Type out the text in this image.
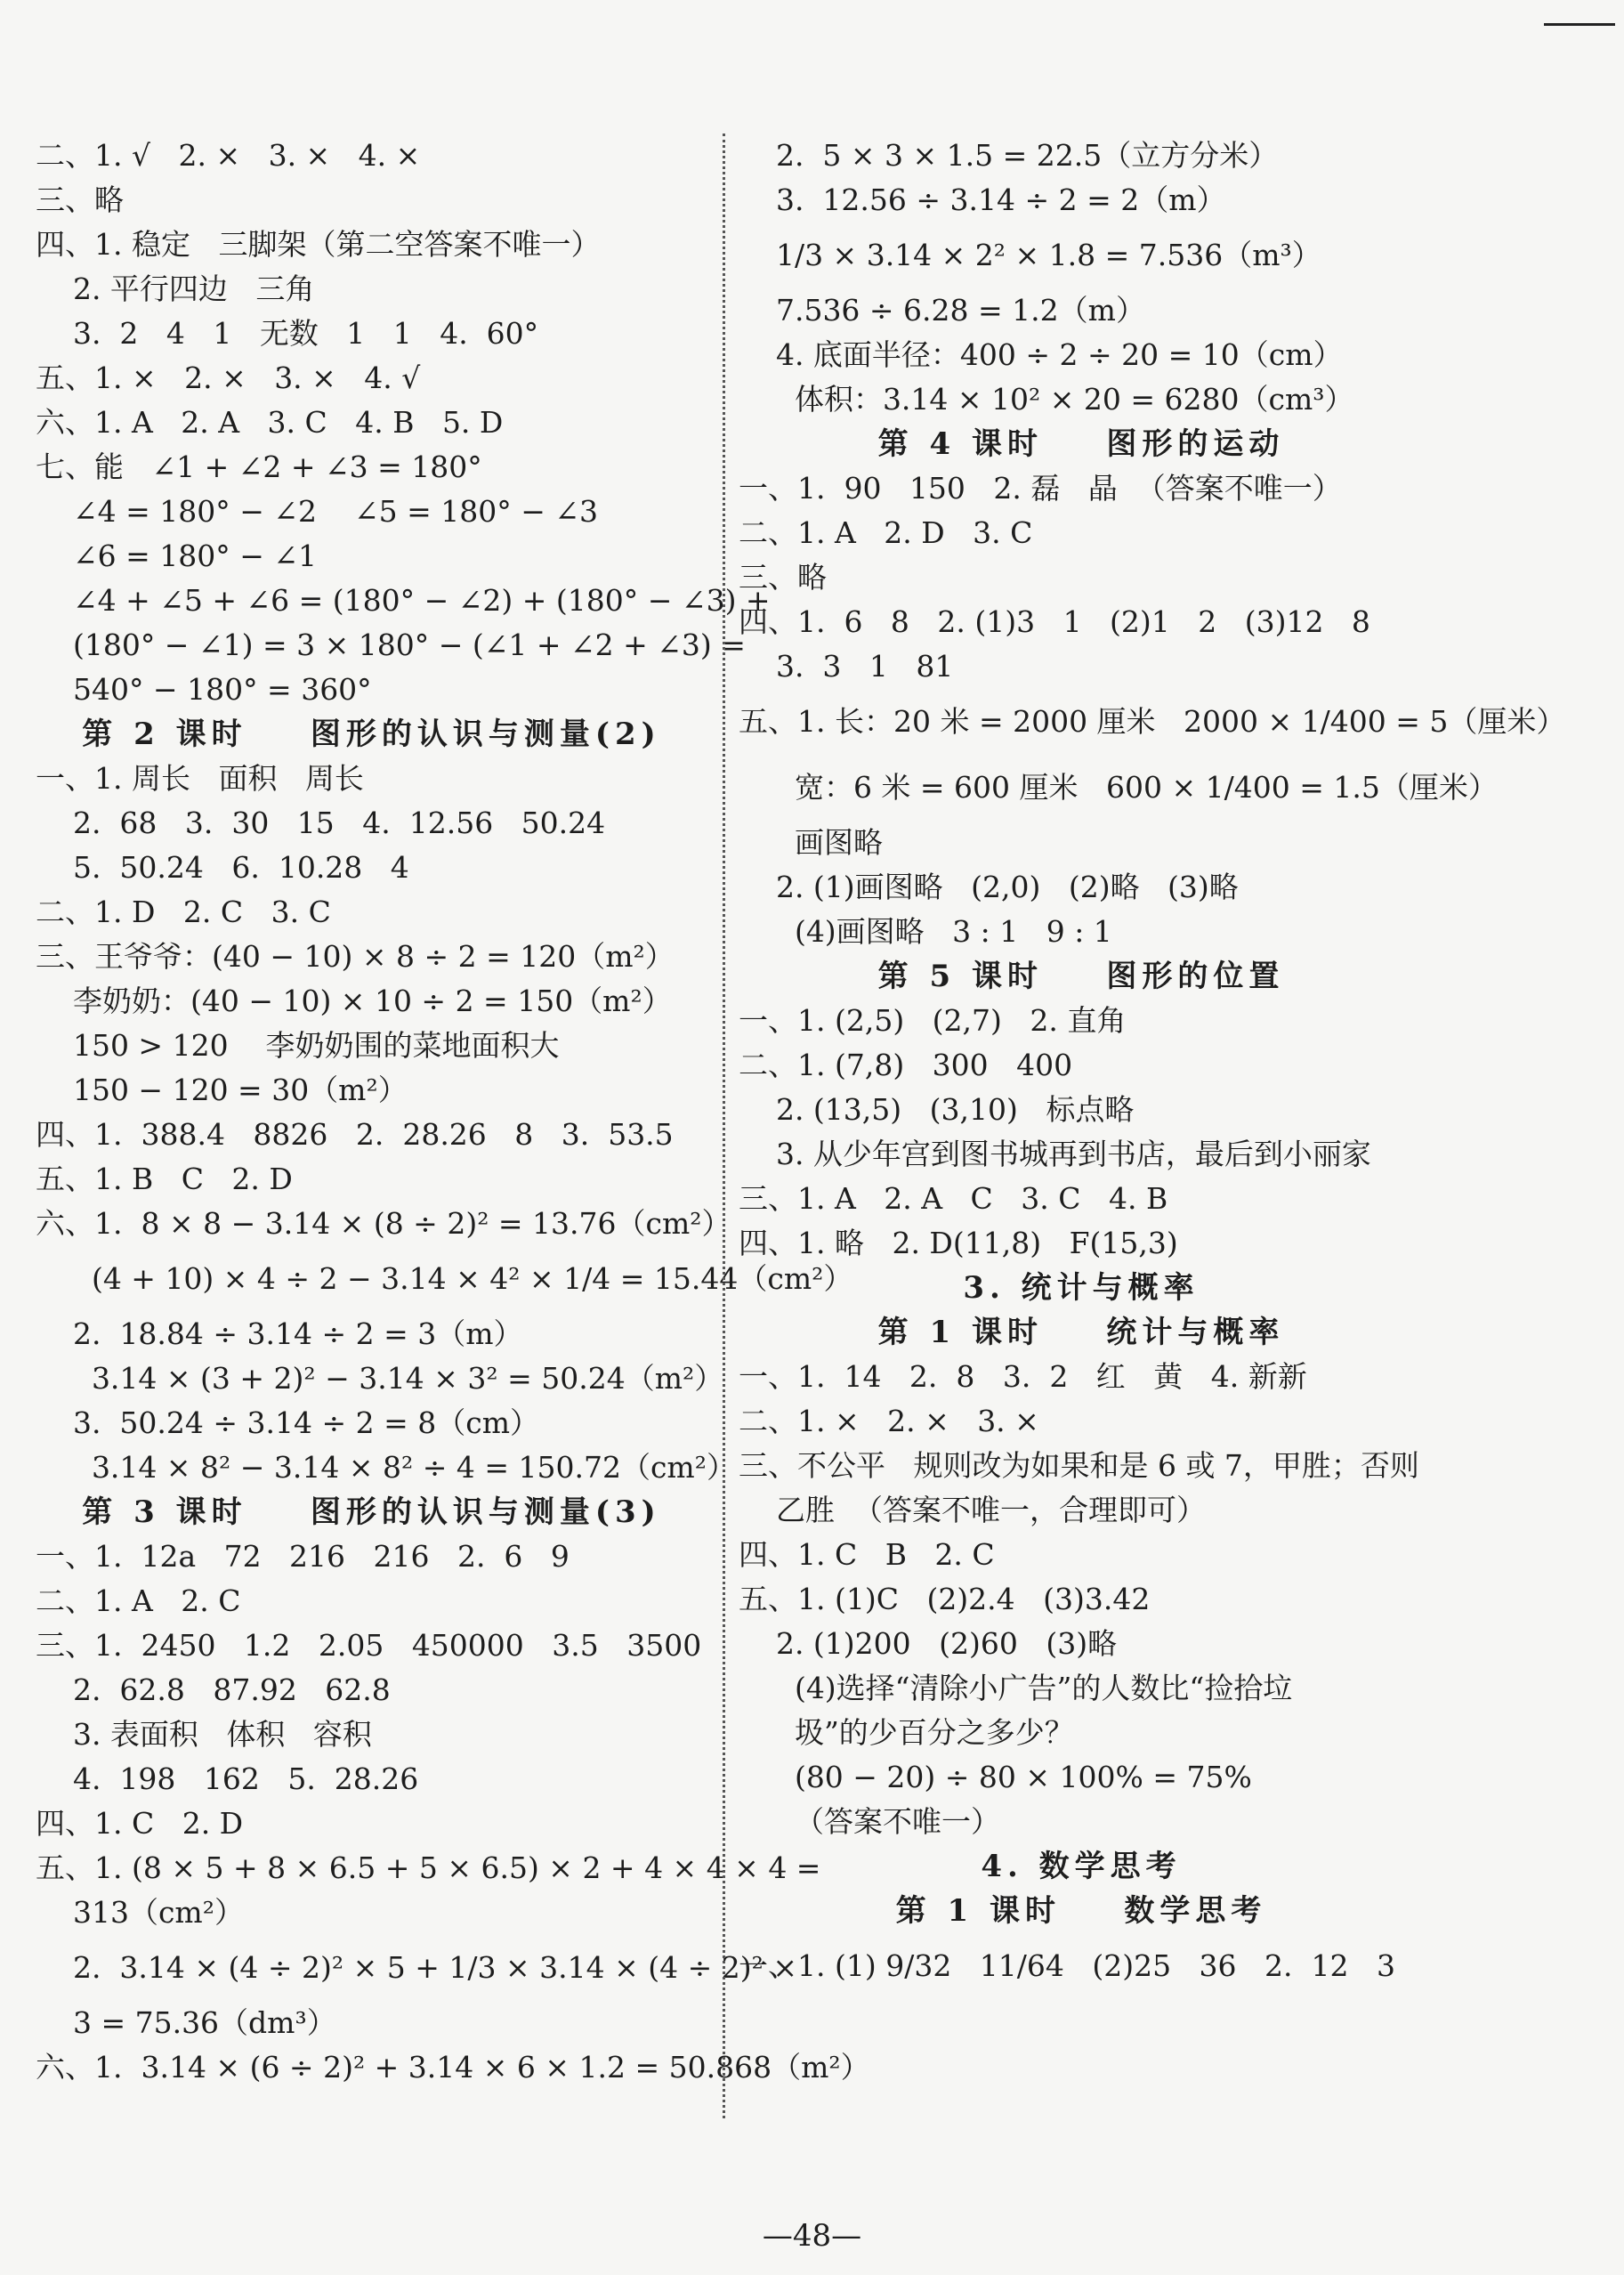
二、1. √   2. ×   3. ×   4. ×
三、略
四、1. 稳定   三脚架（第二空答案不唯一）
2. 平行四边   三角
3.  2   4   1   无数   1   1   4.  60°
五、1. ×   2. ×   3. ×   4. √
六、1. A   2. A   3. C   4. B   5. D
七、能   ∠1 + ∠2 + ∠3 = 180°
∠4 = 180° − ∠2    ∠5 = 180° − ∠3
∠6 = 180° − ∠1
∠4 + ∠5 + ∠6 = (180° − ∠2) + (180° − ∠3) +
(180° − ∠1) = 3 × 180° − (∠1 + ∠2 + ∠3) =
540° − 180° = 360°
第 2 课时    图形的认识与测量(2)
一、1. 周长   面积   周长
2.  68   3.  30   15   4.  12.56   50.24
5.  50.24   6.  10.28   4
二、1. D   2. C   3. C
三、王爷爷：(40 − 10) × 8 ÷ 2 = 120（m²）
李奶奶：(40 − 10) × 10 ÷ 2 = 150（m²）
150 > 120    李奶奶围的菜地面积大
150 − 120 = 30（m²）
四、1.  388.4   8826   2.  28.26   8   3.  53.5
五、1. B   C   2. D
六、1.  8 × 8 − 3.14 × (8 ÷ 2)² = 13.76（cm²）
(4 + 10) × 4 ÷ 2 − 3.14 × 4² × 1/4 = 15.44（cm²）
2.  18.84 ÷ 3.14 ÷ 2 = 3（m）
3.14 × (3 + 2)² − 3.14 × 3² = 50.24（m²）
3.  50.24 ÷ 3.14 ÷ 2 = 8（cm）
3.14 × 8² − 3.14 × 8² ÷ 4 = 150.72（cm²）
第 3 课时    图形的认识与测量(3)
一、1.  12a   72   216   216   2.  6   9
二、1. A   2. C
三、1.  2450   1.2   2.05   450000   3.5   3500
2.  62.8   87.92   62.8
3. 表面积   体积   容积
4.  198   162   5.  28.26
四、1. C   2. D
五、1. (8 × 5 + 8 × 6.5 + 5 × 6.5) × 2 + 4 × 4 × 4 =
313（cm²）
2.  3.14 × (4 ÷ 2)² × 5 + 1/3 × 3.14 × (4 ÷ 2)² ×
3 = 75.36（dm³）
六、1.  3.14 × (6 ÷ 2)² + 3.14 × 6 × 1.2 = 50.868（m²）
2.  5 × 3 × 1.5 = 22.5（立方分米）
3.  12.56 ÷ 3.14 ÷ 2 = 2（m）
1/3 × 3.14 × 2² × 1.8 = 7.536（m³）
7.536 ÷ 6.28 = 1.2（m）
4. 底面半径：400 ÷ 2 ÷ 20 = 10（cm）
体积：3.14 × 10² × 20 = 6280（cm³）
第 4 课时    图形的运动
一、1.  90   150   2. 磊   晶  （答案不唯一）
二、1. A   2. D   3. C
三、略
四、1.  6   8   2. (1)3   1   (2)1   2   (3)12   8
3.  3   1   81
五、1. 长：20 米 = 2000 厘米   2000 × 1/400 = 5（厘米）
宽：6 米 = 600 厘米   600 × 1/400 = 1.5（厘米）
画图略
2. (1)画图略   (2,0)   (2)略   (3)略
(4)画图略   3 : 1   9 : 1
第 5 课时    图形的位置
一、1. (2,5)   (2,7)   2. 直角
二、1. (7,8)   300   400
2. (13,5)   (3,10)   标点略
3. 从少年宫到图书城再到书店，最后到小丽家
三、1. A   2. A   C   3. C   4. B
四、1. 略   2. D(11,8)   F(15,3)
3. 统计与概率
第 1 课时    统计与概率
一、1.  14   2.  8   3.  2   红   黄   4. 新新
二、1. ×   2. ×   3. ×
三、不公平   规则改为如果和是 6 或 7，甲胜；否则
乙胜  （答案不唯一，合理即可）
四、1. C   B   2. C
五、1. (1)C   (2)2.4   (3)3.42
2. (1)200   (2)60   (3)略
(4)选择“清除小广告”的人数比“捡拾垃
圾”的少百分之多少？
(80 − 20) ÷ 80 × 100% = 75%
（答案不唯一）
4. 数学思考
第 1 课时    数学思考
一、1. (1) 9/32   11/64   (2)25   36   2.  12   3
—48—
